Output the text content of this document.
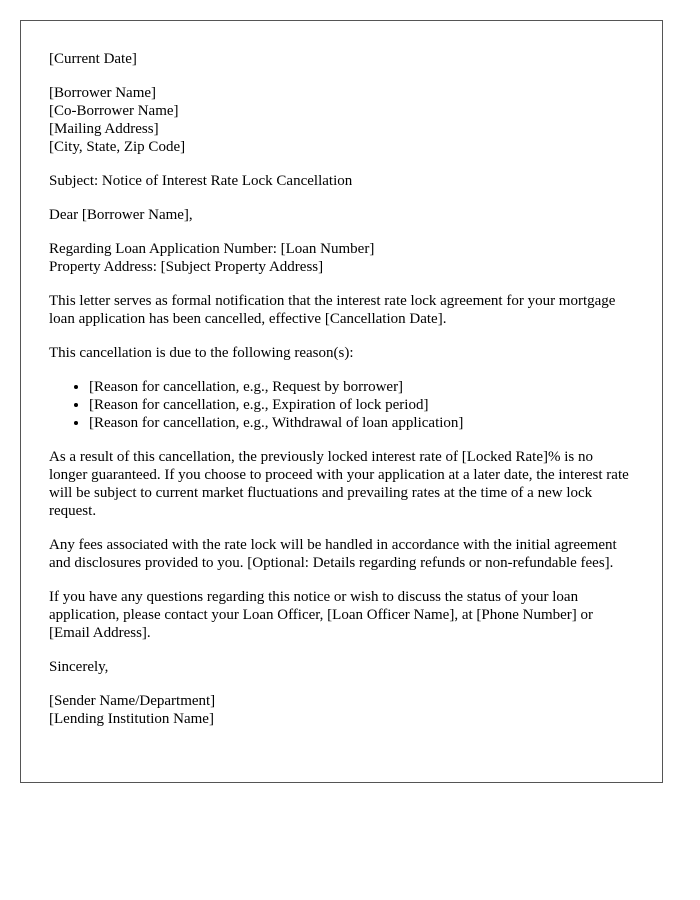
[Current Date]

[Borrower Name]
[Co-Borrower Name]
[Mailing Address]
[City, State, Zip Code]

Subject: Notice of Interest Rate Lock Cancellation

Dear [Borrower Name],

Regarding Loan Application Number: [Loan Number]
Property Address: [Subject Property Address]

This letter serves as formal notification that the interest rate lock agreement for your mortgage loan application has been cancelled, effective [Cancellation Date].

This cancellation is due to the following reason(s):

• [Reason for cancellation, e.g., Request by borrower]
• [Reason for cancellation, e.g., Expiration of lock period]
• [Reason for cancellation, e.g., Withdrawal of loan application]

As a result of this cancellation, the previously locked interest rate of [Locked Rate]% is no longer guaranteed. If you choose to proceed with your application at a later date, the interest rate will be subject to current market fluctuations and prevailing rates at the time of a new lock request.

Any fees associated with the rate lock will be handled in accordance with the initial agreement and disclosures provided to you. [Optional: Details regarding refunds or non-refundable fees].

If you have any questions regarding this notice or wish to discuss the status of your loan application, please contact your Loan Officer, [Loan Officer Name], at [Phone Number] or [Email Address].

Sincerely,

[Sender Name/Department]
[Lending Institution Name]
